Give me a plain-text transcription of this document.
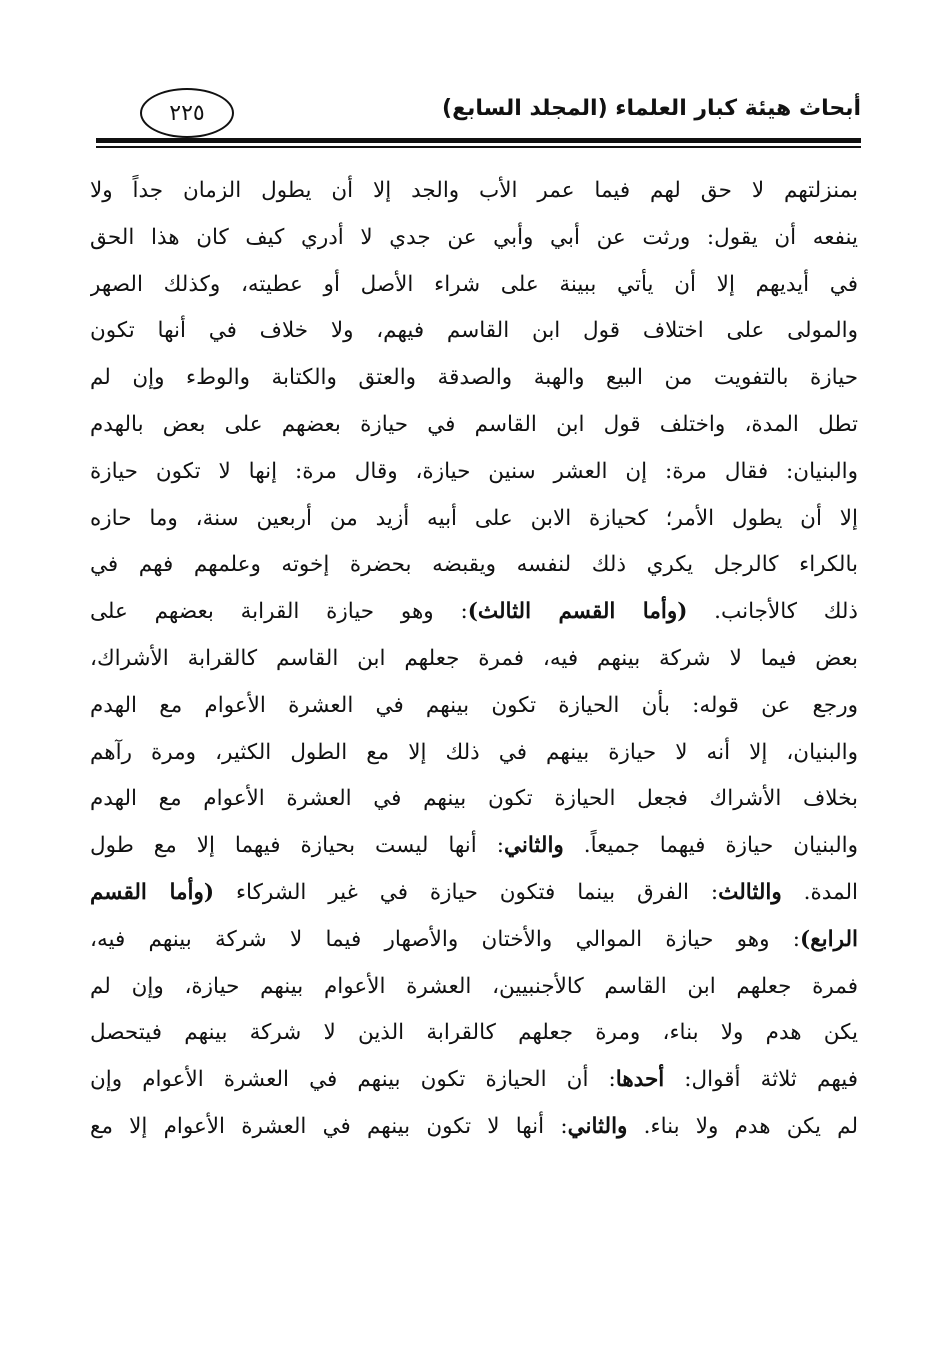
٢٢٥	أبحاث هيئة كبار العلماء (المجلد السابع)
بمنزلتهم لا حق لهم فيما عمر الأب والجد إلا أن يطول الزمان جداً ولا
ينفعه أن يقول: ورثت عن أبي وأبي عن جدي لا أدري كيف كان هذا الحق
في أيديهم إلا أن يأتي ببينة على شراء الأصل أو عطيته، وكذلك الصهر
والمولى على اختلاف قول ابن القاسم فيهم، ولا خلاف في أنها تكون
حيازة بالتفويت من البيع والهبة والصدقة والعتق والكتابة والوطء وإن لم
تطل المدة، واختلف قول ابن القاسم في حيازة بعضهم على بعض بالهدم
والبنيان: فقال مرة: إن العشر سنين حيازة، وقال مرة: إنها لا تكون حيازة
إلا أن يطول الأمر؛ كحيازة الابن على أبيه أزيد من أربعين سنة، وما حازه
بالكراء كالرجل يكري ذلك لنفسه ويقبضه بحضرة إخوته وعلمهم فهم في
ذلك كالأجانب. (وأما القسم الثالث): وهو حيازة القرابة بعضهم على
بعض فيما لا شركة بينهم فيه، فمرة جعلهم ابن القاسم كالقرابة الأشراك،
ورجع عن قوله: بأن الحيازة تكون بينهم في العشرة الأعوام مع الهدم
والبنيان، إلا أنه لا حيازة بينهم في ذلك إلا مع الطول الكثير، ومرة رآهم
بخلاف الأشراك فجعل الحيازة تكون بينهم في العشرة الأعوام مع الهدم
والبنيان حيازة فيهما جميعاً. والثاني: أنها ليست بحيازة فيهما إلا مع طول
المدة. والثالث: الفرق بينما فتكون حيازة في غير الشركاء (وأما القسم
الرابع): وهو حيازة الموالي والأختان والأصهار فيما لا شركة بينهم فيه،
فمرة جعلهم ابن القاسم كالأجنبيين، العشرة الأعوام بينهم حيازة، وإن لم
يكن هدم ولا بناء، ومرة جعلهم كالقرابة الذين لا شركة بينهم فيتحصل
فيهم ثلاثة أقوال: أحدها: أن الحيازة تكون بينهم في العشرة الأعوام وإن
لم يكن هدم ولا بناء. والثاني: أنها لا تكون بينهم في العشرة الأعوام إلا مع
